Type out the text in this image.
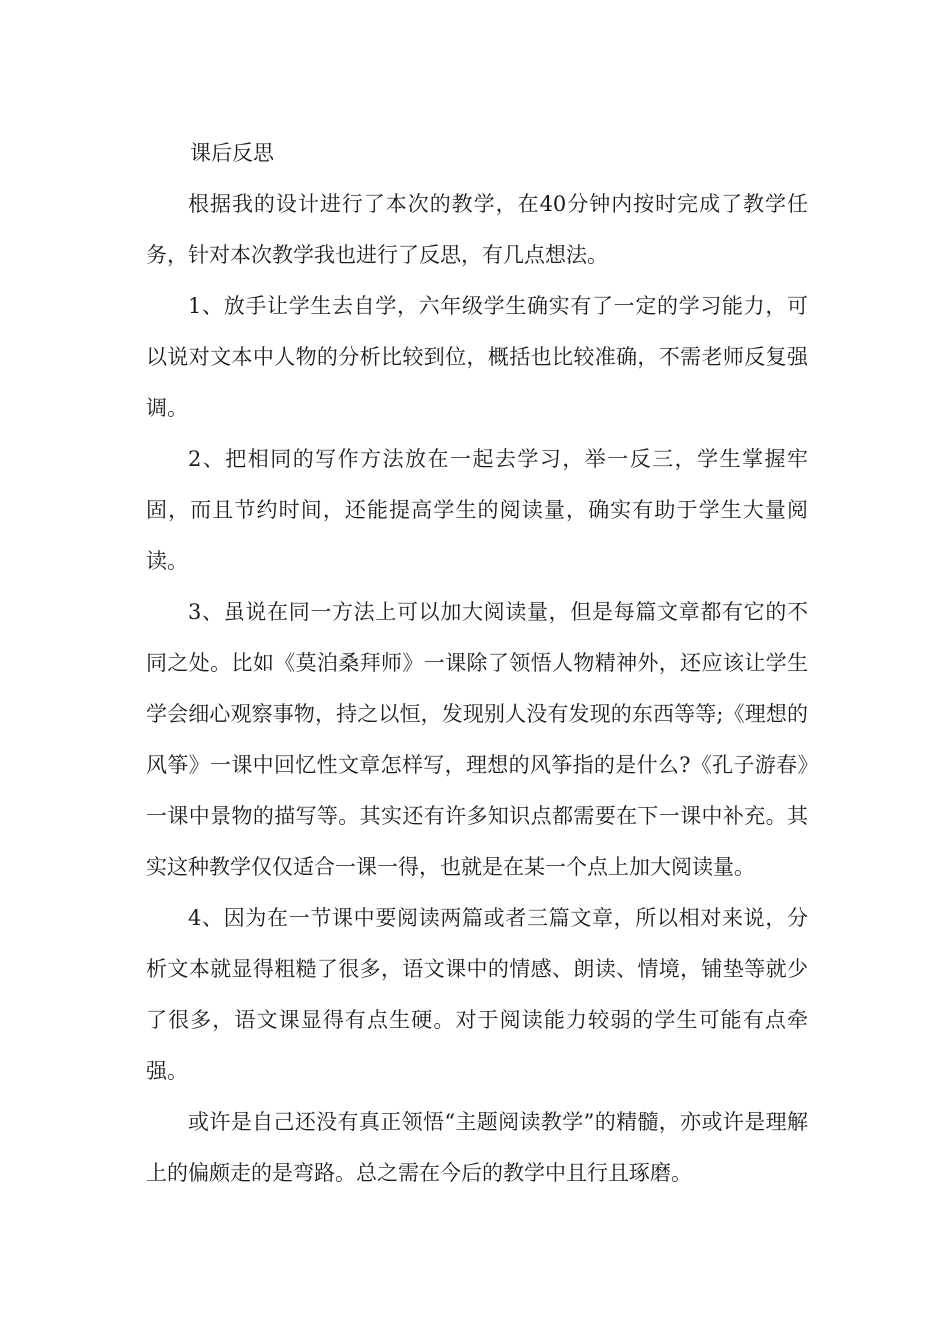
课后反思

根据我的设计进行了本次的教学，在40分钟内按时完成了教学任务，针对本次教学我也进行了反思，有几点想法。

1、放手让学生去自学，六年级学生确实有了一定的学习能力，可以说对文本中人物的分析比较到位，概括也比较准确，不需老师反复强调。

2、把相同的写作方法放在一起去学习，举一反三，学生掌握牢固，而且节约时间，还能提高学生的阅读量，确实有助于学生大量阅读。

3、虽说在同一方法上可以加大阅读量，但是每篇文章都有它的不同之处。比如《莫泊桑拜师》一课除了领悟人物精神外，还应该让学生学会细心观察事物，持之以恒，发现别人没有发现的东西等等;《理想的风筝》一课中回忆性文章怎样写，理想的风筝指的是什么?《孔子游春》一课中景物的描写等。其实还有许多知识点都需要在下一课中补充。其实这种教学仅仅适合一课一得，也就是在某一个点上加大阅读量。

4、因为在一节课中要阅读两篇或者三篇文章，所以相对来说，分析文本就显得粗糙了很多，语文课中的情感、朗读、情境，铺垫等就少了很多，语文课显得有点生硬。对于阅读能力较弱的学生可能有点牵强。

或许是自己还没有真正领悟“主题阅读教学”的精髓，亦或许是理解上的偏颇走的是弯路。总之需在今后的教学中且行且琢磨。
